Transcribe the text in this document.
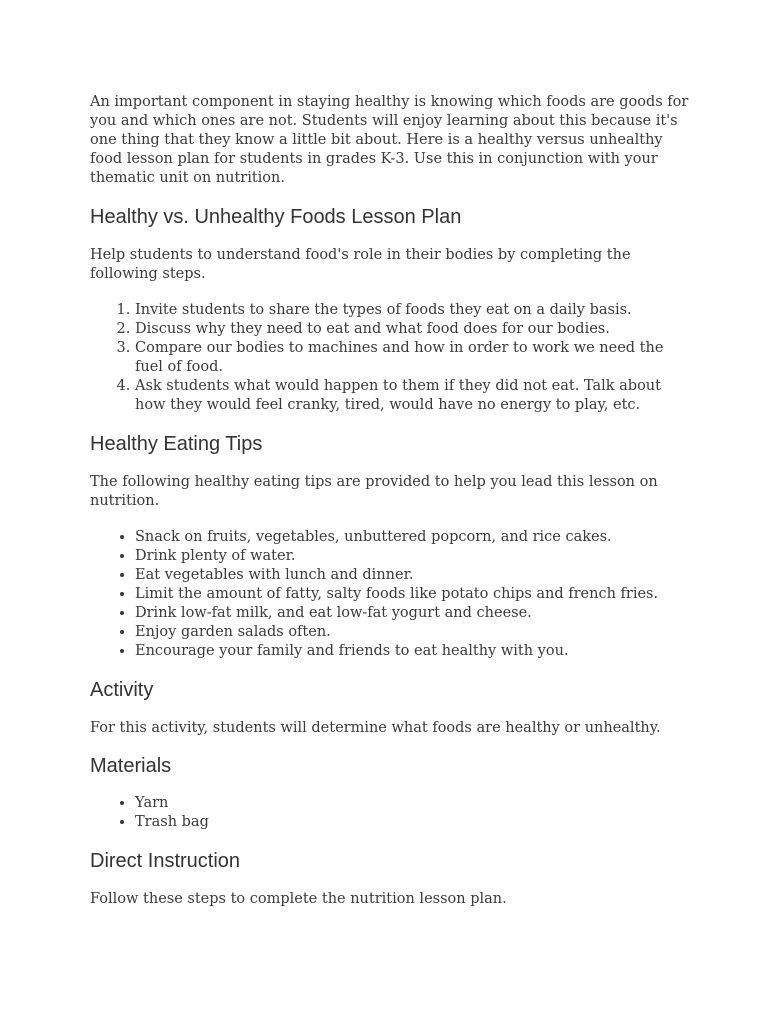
An important component in staying healthy is knowing which foods are goods for you and which ones are not. Students will enjoy learning about this because it's one thing that they know a little bit about. Here is a healthy versus unhealthy food lesson plan for students in grades K-3. Use this in conjunction with your thematic unit on nutrition.

Healthy vs. Unhealthy Foods Lesson Plan

Help students to understand food's role in their bodies by completing the following steps.

1. Invite students to share the types of foods they eat on a daily basis.
2. Discuss why they need to eat and what food does for our bodies.
3. Compare our bodies to machines and how in order to work we need the fuel of food.
4. Ask students what would happen to them if they did not eat. Talk about how they would feel cranky, tired, would have no energy to play, etc.
Healthy Eating Tips

The following healthy eating tips are provided to help you lead this lesson on nutrition.

• Snack on fruits, vegetables, unbuttered popcorn, and rice cakes.
• Drink plenty of water.
• Eat vegetables with lunch and dinner.
• Limit the amount of fatty, salty foods like potato chips and french fries.
• Drink low-fat milk, and eat low-fat yogurt and cheese.
• Enjoy garden salads often.
• Encourage your family and friends to eat healthy with you.
Activity

For this activity, students will determine what foods are healthy or unhealthy.

Materials
• Yarn
• Trash bag
Direct Instruction

Follow these steps to complete the nutrition lesson plan.
